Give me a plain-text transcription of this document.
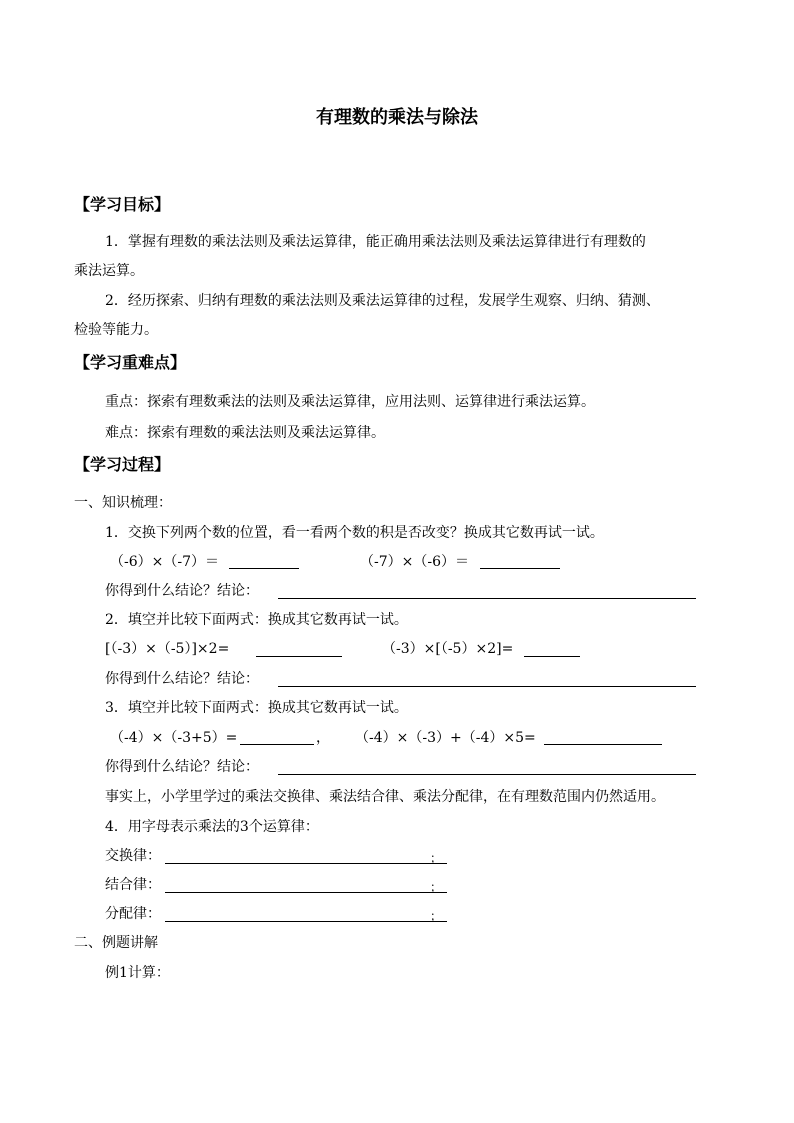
有理数的乘法与除法
【学习目标】
1．掌握有理数的乘法法则及乘法运算律，能正确用乘法法则及乘法运算律进行有理数的
乘法运算。
2．经历探索、归纳有理数的乘法法则及乘法运算律的过程，发展学生观察、归纳、猜测、
检验等能力。
【学习重难点】
重点：探索有理数乘法的法则及乘法运算律，应用法则、运算律进行乘法运算。
难点：探索有理数的乘法法则及乘法运算律。
【学习过程】
一、知识梳理：
1．交换下列两个数的位置，看一看两个数的积是否改变？换成其它数再试一试。
（-6）×（-7）＝	（-7）×（-6）＝
你得到什么结论？结论：
2．填空并比较下面两式：换成其它数再试一试。
[（-3）×（-5）]×2=	（-3）×[（-5）×2]=
你得到什么结论？结论：
3．填空并比较下面两式：换成其它数再试一试。
（-4）×（-3+5）=	， （-4）×（-3）+（-4）×5=
你得到什么结论？结论：
事实上，小学里学过的乘法交换律、乘法结合律、乘法分配律，在有理数范围内仍然适用。
4．用字母表示乘法的3个运算律：
交换律：	；
结合律：	；
分配律：	；
二、例题讲解
例1计算：
